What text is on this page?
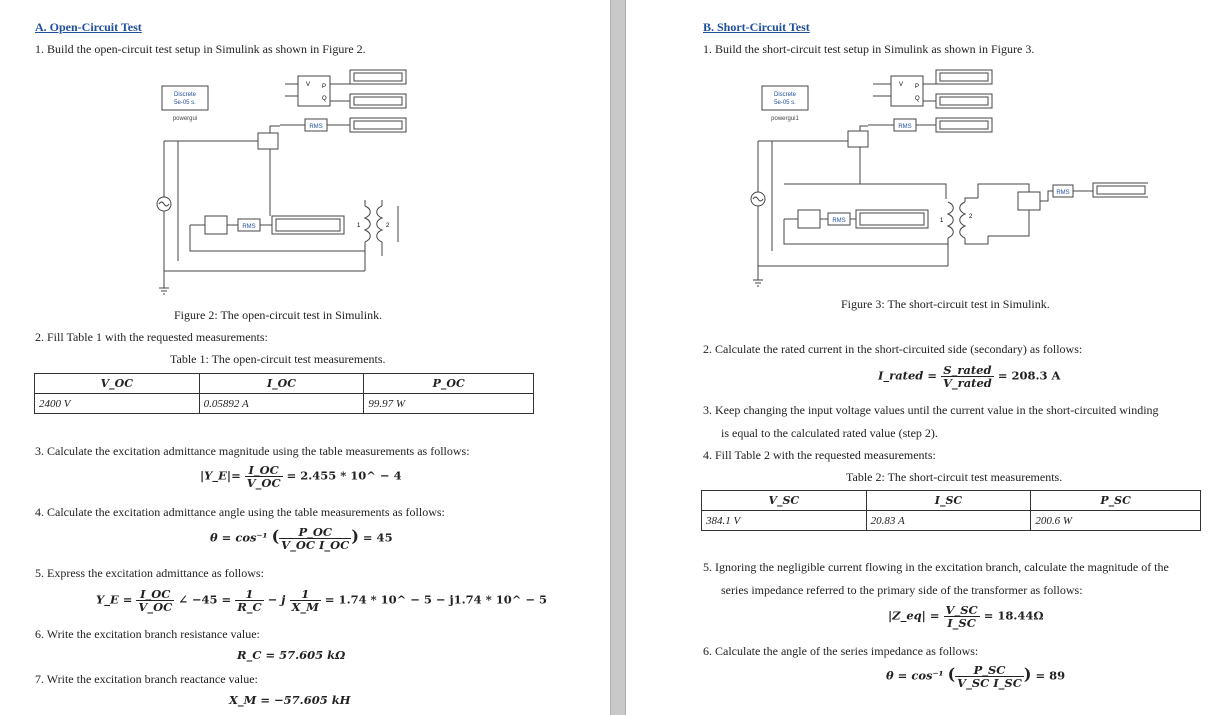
A. Open-Circuit Test
1. Build the open-circuit test setup in Simulink as shown in Figure 2.
Discrete
5e-05 s.
powergui
V P
Q
RMS
RMS	1	2
Figure 2: The open-circuit test in Simulink.
2. Fill Table 1 with the requested measurements:
Table 1: The open-circuit test measurements.
V_OC	I_OC	P_OC
2400 V	0.05892 A	99.97 W
3. Calculate the excitation admittance magnitude using the table measurements as follows:
|Y_E|= $\frac{I\_OC}{V\_OC} = 2.455$ * 10^ − 4
4. Calculate the excitation admittance angle using the table measurements as follows:
θ = cos⁻¹ ( $\frac{P\_OC}{\text{V\_OC I\_OC}}$ ) = 45
5. Express the excitation admittance as follows:
Y_E = $\frac{I\_OC}{V\_OC}$ ∠ $-45 = \frac{1}{R\_C} - j \frac{1}{X\_M} = 1.74$ * 10^ − 5 − j1.74 * 10^ − 5
6. Write the excitation branch resistance value:
R_C = 57.605 kΩ
7. Write the excitation branch reactance value:
X_M = −57.605 kH
B. Short-Circuit Test
1. Build the short-circuit test setup in Simulink as shown in Figure 3.
Discrete
5e-05 s.
powergui1
V P
Q
RMS
RMS
RMS	1
2
Figure 3: The short-circuit test in Simulink.
2. Calculate the rated current in the short-circuited side (secondary) as follows:
I_rated = $\frac{\text{S\_rated}}{\text{V\_rated}} = 208.3$ A
3. Keep changing the input voltage values until the current value in the short-circuited winding
is equal to the calculated rated value (step 2).
4. Fill Table 2 with the requested measurements:
Table 2: The short-circuit test measurements.
V_SC	I_SC	P_SC
384.1 V	20.83 A	200.6 W
5. Ignoring the negligible current flowing in the excitation branch, calculate the magnitude of the
series impedance referred to the primary side of the transformer as follows:
|Z_eq| = $\frac{V\_SC}{I\_SC} = 18.44\Omega$
6. Calculate the angle of the series impedance as follows:
θ = cos⁻¹ ( $\frac{P\_SC}{\text{V\_SC I\_SC}}$ ) = 89
